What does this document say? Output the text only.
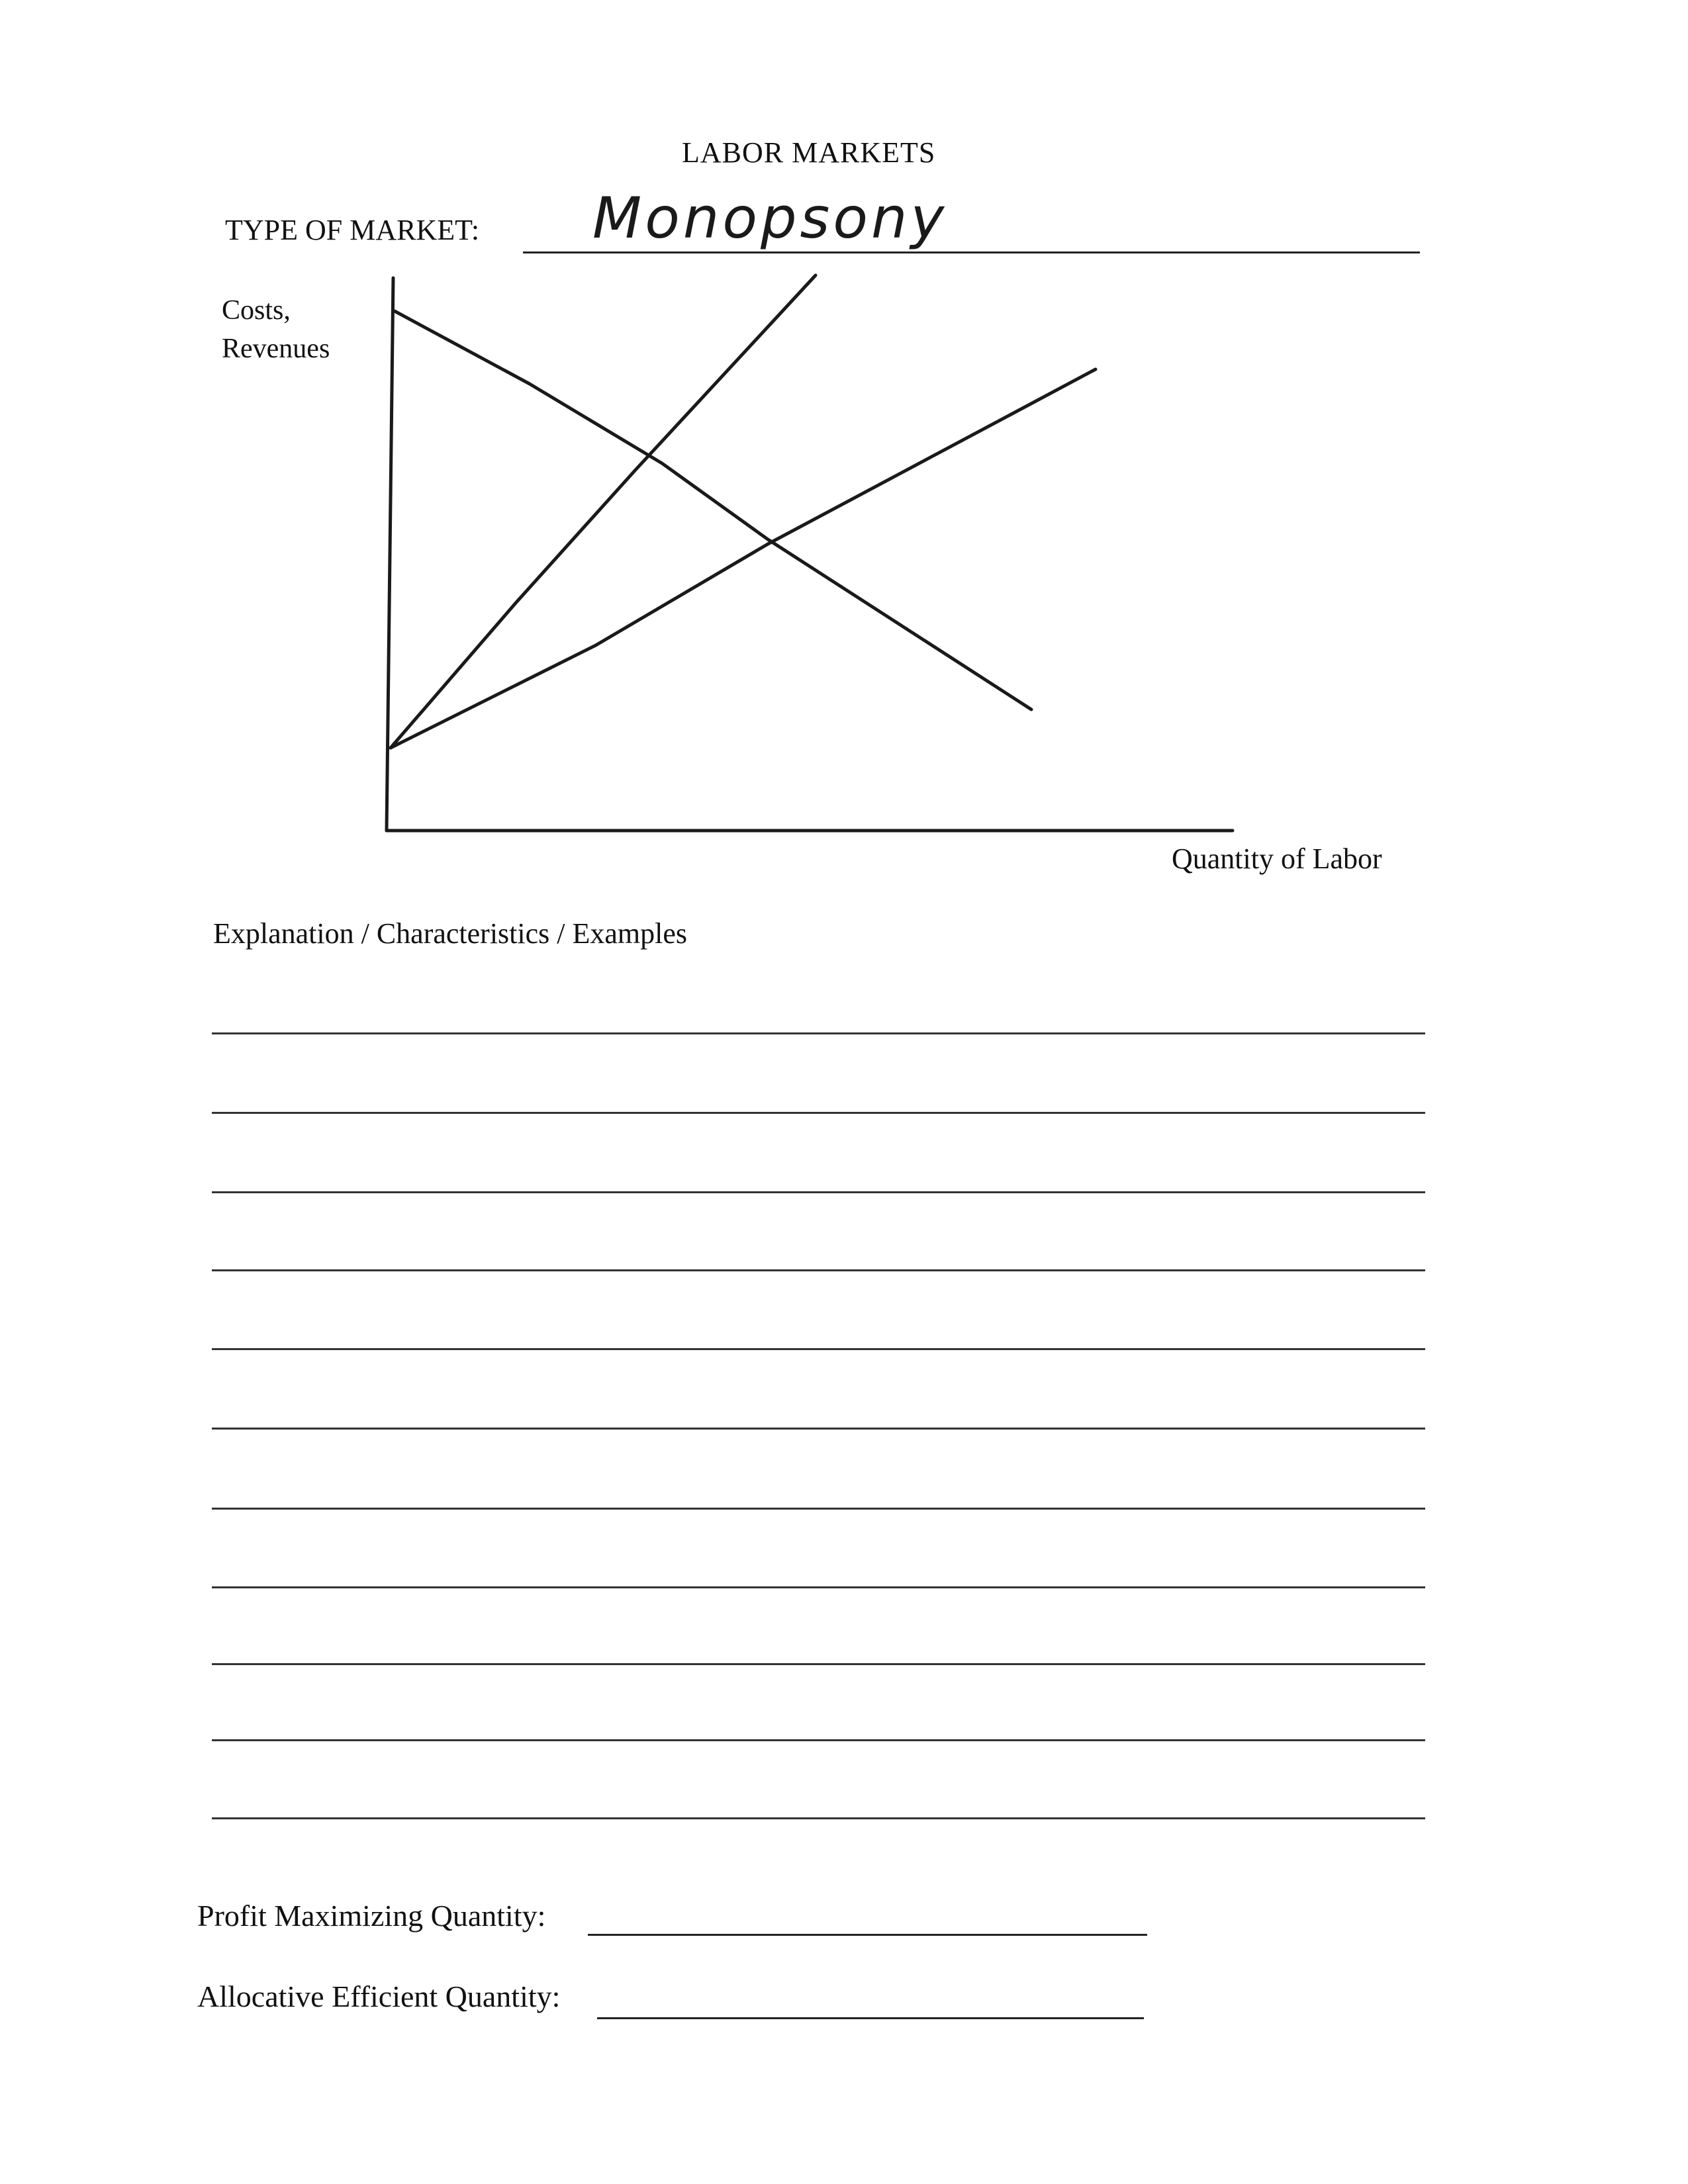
LABOR MARKETS
TYPE OF MARKET: Monopsony
Costs,
Revenues
Quantity of Labor
Explanation / Characteristics / Examples
Profit Maximizing Quantity:
Allocative Efficient Quantity:
